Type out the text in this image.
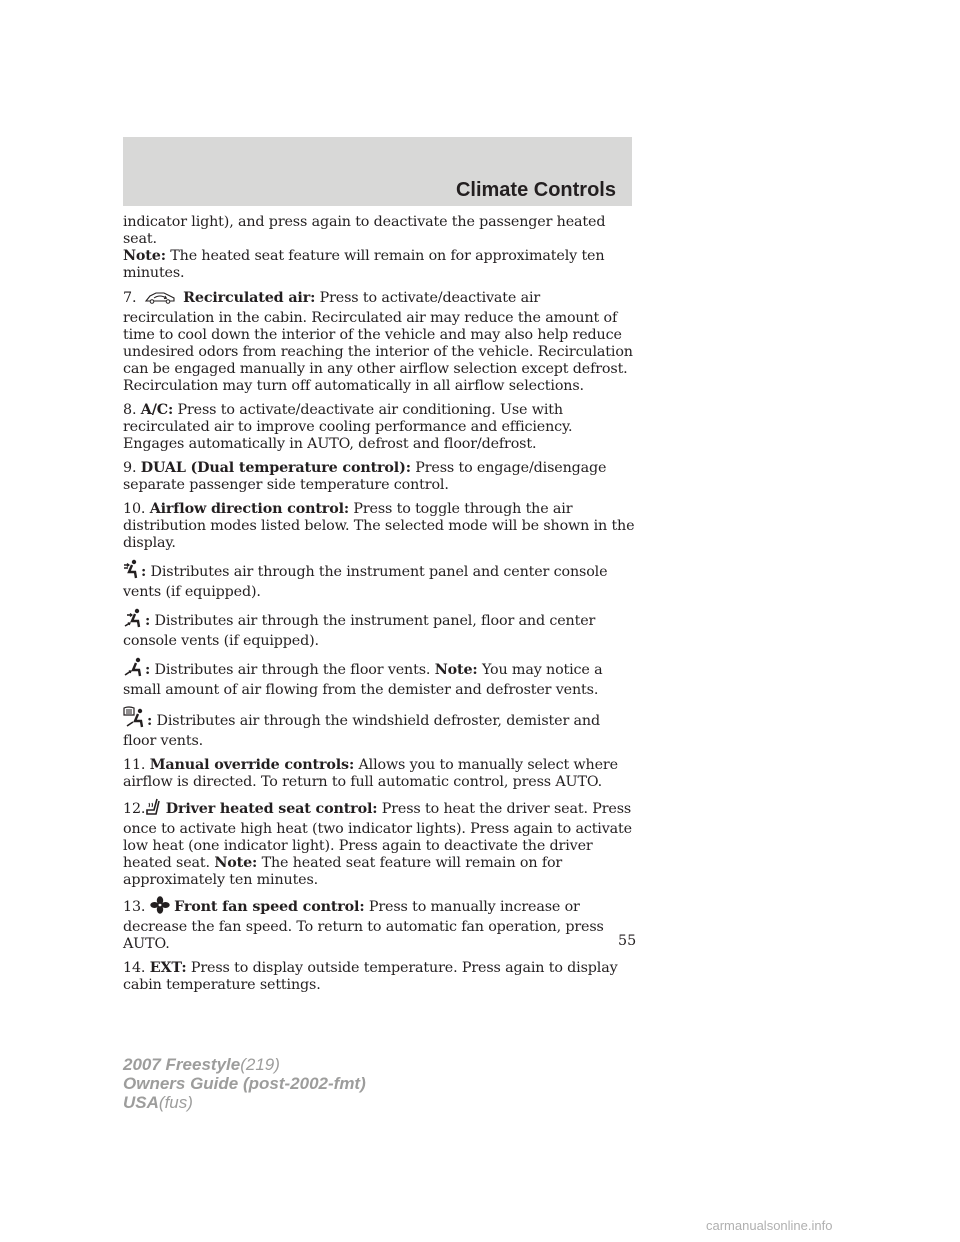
Climate Controls

indicator light), and press again to deactivate the passenger heated seat.
Note: The heated seat feature will remain on for approximately ten minutes.

7.	Recirculated air: Press to activate/deactivate air recirculation in the cabin. Recirculated air may reduce the amount of time to cool down the interior of the vehicle and may also help reduce undesired odors from reaching the interior of the vehicle. Recirculation can be engaged manually in any other airflow selection except defrost. Recirculation may turn off automatically in all airflow selections.

8. A/C: Press to activate/deactivate air conditioning. Use with recirculated air to improve cooling performance and efficiency. Engages automatically in AUTO, defrost and floor/defrost.

9. DUAL (Dual temperature control): Press to engage/disengage separate passenger side temperature control.

10. Airflow direction control: Press to toggle through the air distribution modes listed below. The selected mode will be shown in the display.

: Distributes air through the instrument panel and center console vents (if equipped).

: Distributes air through the instrument panel, floor and center console vents (if equipped).

: Distributes air through the floor vents. Note: You may notice a small amount of air flowing from the demister and defroster vents.

: Distributes air through the windshield defroster, demister and floor vents.

11. Manual override controls: Allows you to manually select where airflow is directed. To return to full automatic control, press AUTO.

12. Driver heated seat control: Press to heat the driver seat. Press once to activate high heat (two indicator lights). Press again to activate low heat (one indicator light). Press again to deactivate the driver heated seat. Note: The heated seat feature will remain on for approximately ten minutes.

13. Front fan speed control: Press to manually increase or decrease the fan speed. To return to automatic fan operation, press AUTO.

14. EXT: Press to display outside temperature. Press again to display cabin temperature settings.

55
2007 Freestyle(219)
Owners Guide (post-2002-fmt)
USA(fus)
carmanualsonline.info
